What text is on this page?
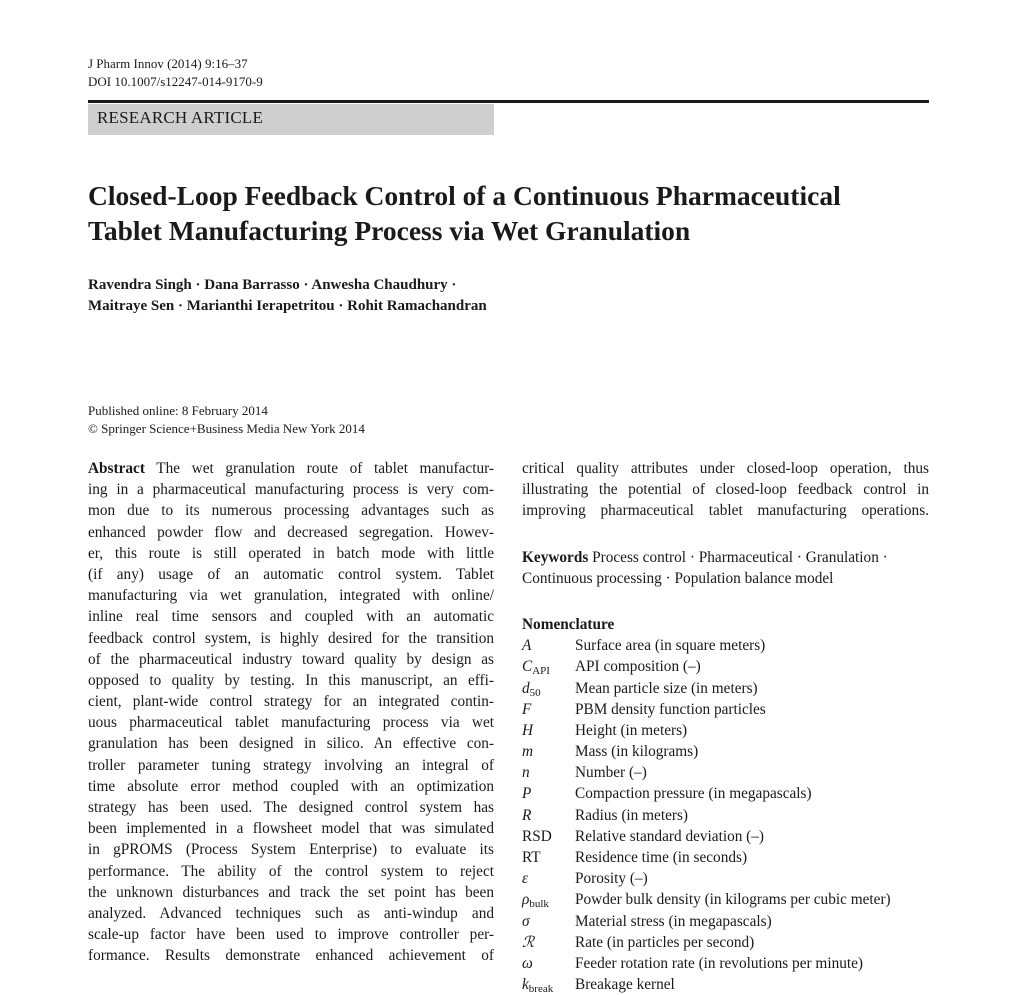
J Pharm Innov (2014) 9:16–37
DOI 10.1007/s12247-014-9170-9
RESEARCH ARTICLE
Closed-Loop Feedback Control of a Continuous Pharmaceutical
Tablet Manufacturing Process via Wet Granulation
Ravendra Singh · Dana Barrasso · Anwesha Chaudhury ·
Maitraye Sen · Marianthi Ierapetritou · Rohit Ramachandran
Published online: 8 February 2014
© Springer Science+Business Media New York 2014
Abstract The wet granulation route of tablet manufactur-
ing in a pharmaceutical manufacturing process is very com-
mon due to its numerous processing advantages such as
enhanced powder flow and decreased segregation. Howev-
er, this route is still operated in batch mode with little
(if any) usage of an automatic control system. Tablet
manufacturing via wet granulation, integrated with online/
inline real time sensors and coupled with an automatic
feedback control system, is highly desired for the transition
of the pharmaceutical industry toward quality by design as
opposed to quality by testing. In this manuscript, an effi-
cient, plant-wide control strategy for an integrated contin-
uous pharmaceutical tablet manufacturing process via wet
granulation has been designed in silico. An effective con-
troller parameter tuning strategy involving an integral of
time absolute error method coupled with an optimization
strategy has been used. The designed control system has
been implemented in a flowsheet model that was simulated
in gPROMS (Process System Enterprise) to evaluate its
performance. The ability of the control system to reject
the unknown disturbances and track the set point has been
analyzed. Advanced techniques such as anti-windup and
scale-up factor have been used to improve controller per-
formance. Results demonstrate enhanced achievement of
critical quality attributes under closed-loop operation, thus
illustrating the potential of closed-loop feedback control in
improving pharmaceutical tablet manufacturing operations.
Keywords Process control · Pharmaceutical · Granulation ·
Continuous processing · Population balance model
Nomenclature
A	Surface area (in square meters)
$C_{API}$ API composition (–)
$d_{50}$ Mean particle size (in meters)
F	PBM density function particles
H	Height (in meters)
m	Mass (in kilograms)
n	Number (–)
P	Compaction pressure (in megapascals)
R	Radius (in meters)
RSD Relative standard deviation (–)
RT Residence time (in seconds)
ε	Porosity (–)
$\rho_{bulk}$ Powder bulk density (in kilograms per cubic meter)
σ	Material stress (in megapascals)
ℛ	Rate (in particles per second)
ω	Feeder rotation rate (in revolutions per minute)
$k_{break}$ Breakage kernel
